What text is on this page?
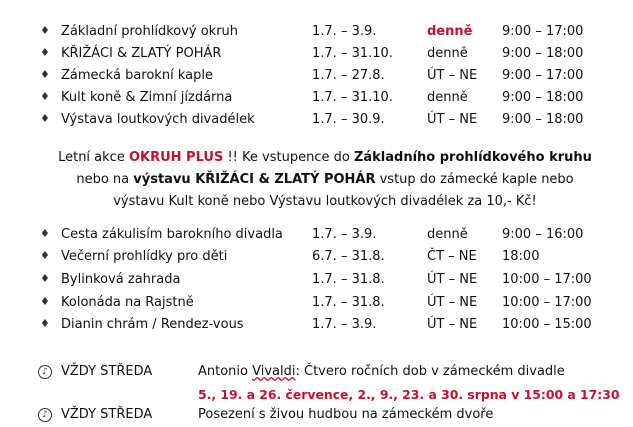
♦ Základní prohlídkový okruh	1.7. – 3.9.	denně 9:00 – 17:00
♦ KŘIŽÁCI & ZLATÝ POHÁR	1.7. – 31.10.	denně	9:00 – 18:00
♦ Zámecká barokní kaple	1.7. – 27.8.	ÚT – NE 9:00 – 17:00
♦ Kult koně & Zimní jízdárna	1.7. – 31.10.	denně	9:00 – 18:00
♦ Výstava loutkových divadélek	1.7. – 30.9.	ÚT – NE 9:00 – 18:00
Letní akce OKRUH PLUS !! Ke vstupence do Základního prohlídkového kruhu
nebo na výstavu KŘIŽÁCI & ZLATÝ POHÁR vstup do zámecké kaple nebo
výstavu Kult koně nebo Výstavu loutkových divadélek za 10,- Kč!
♦ Cesta zákulisím barokního divadla 1.7. – 3.9.	denně	9:00 – 16:00
♦ Večerní prohlídky pro děti	6.7. – 31.8.	ČT – NE 18:00
♦ Bylinková zahrada	1.7. – 31.8.	ÚT – NE 10:00 – 17:00
♦ Kolonáda na Rajstně	1.7. – 31.8.	ÚT – NE 10:00 – 17:00
♦ Dianin chrám / Rendez-vous	1.7. – 3.9.	ÚT – NE 10:00 – 15:00
♪	VŽDY STŘEDA	Antonio Vivaldi: Čtvero ročních dob v zámeckém divadle
5., 19. a 26. července, 2., 9., 23. a 30. srpna v 15:00 a 17:30
♪	VŽDY STŘEDA	Posezení s živou hudbou na zámeckém dvoře
